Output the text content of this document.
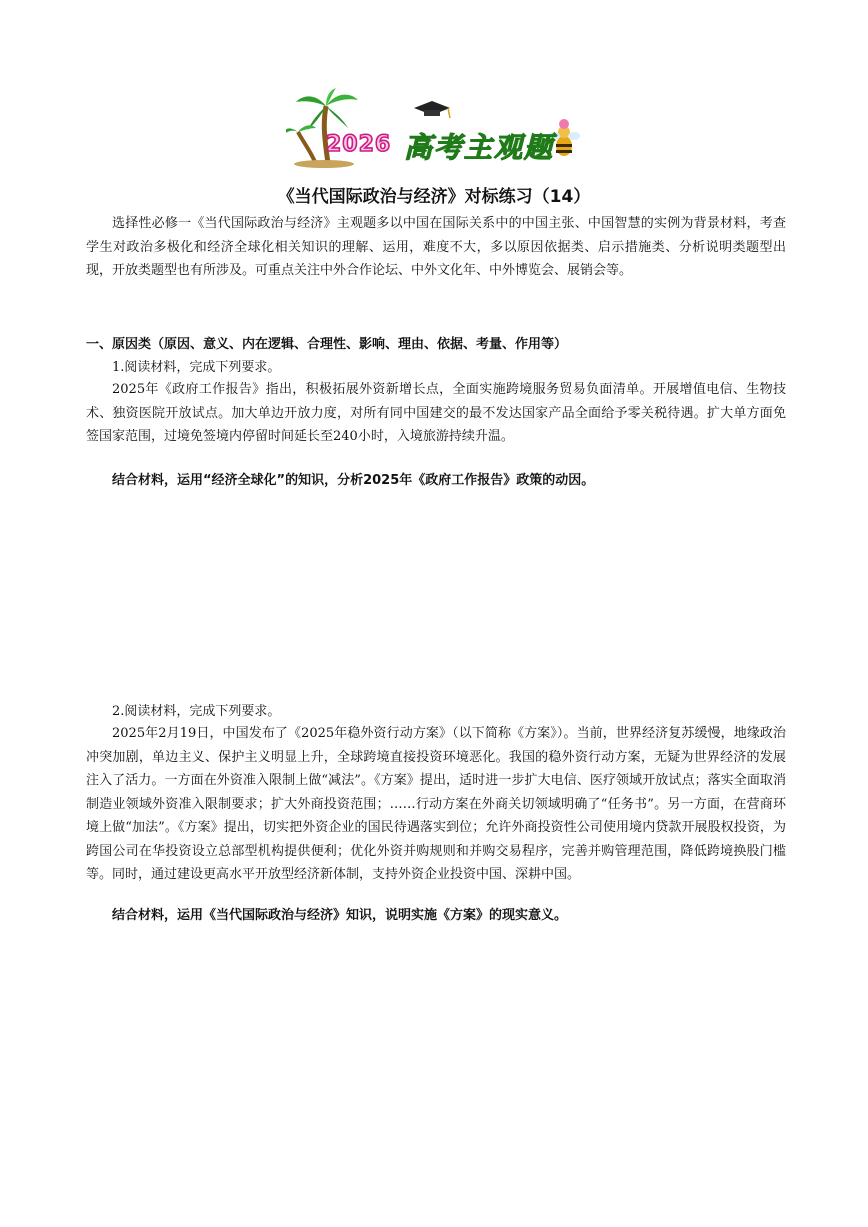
2026 高考主观题
《当代国际政治与经济》对标练习（14）

选择性必修一《当代国际政治与经济》主观题多以中国在国际关系中的中国主张、中国智慧的实例为背景材料，考查学生对政治多极化和经济全球化相关知识的理解、运用，难度不大，多以原因依据类、启示措施类、分析说明类题型出现，开放类题型也有所涉及。可重点关注中外合作论坛、中外文化年、中外博览会、展销会等。

一、原因类（原因、意义、内在逻辑、合理性、影响、理由、依据、考量、作用等）
1.阅读材料，完成下列要求。

2025年《政府工作报告》指出，积极拓展外资新增长点，全面实施跨境服务贸易负面清单。开展增值电信、生物技术、独资医院开放试点。加大单边开放力度，对所有同中国建交的最不发达国家产品全面给予零关税待遇。扩大单方面免签国家范围，过境免签境内停留时间延长至240小时，入境旅游持续升温。

结合材料，运用“经济全球化”的知识，分析2025年《政府工作报告》政策的动因。
2.阅读材料，完成下列要求。

2025年2月19日，中国发布了《2025年稳外资行动方案》（以下简称《方案》）。当前，世界经济复苏缓慢，地缘政治冲突加剧，单边主义、保护主义明显上升，全球跨境直接投资环境恶化。我国的稳外资行动方案，无疑为世界经济的发展注入了活力。一方面在外资准入限制上做“减法”。《方案》提出，适时进一步扩大电信、医疗领域开放试点；落实全面取消制造业领域外资准入限制要求；扩大外商投资范围；……行动方案在外商关切领域明确了“任务书”。另一方面，在营商环境上做“加法”。《方案》提出，切实把外资企业的国民待遇落实到位；允许外商投资性公司使用境内贷款开展股权投资，为跨国公司在华投资设立总部型机构提供便利；优化外资并购规则和并购交易程序，完善并购管理范围，降低跨境换股门槛等。同时，通过建设更高水平开放型经济新体制，支持外资企业投资中国、深耕中国。

结合材料，运用《当代国际政治与经济》知识，说明实施《方案》的现实意义。
